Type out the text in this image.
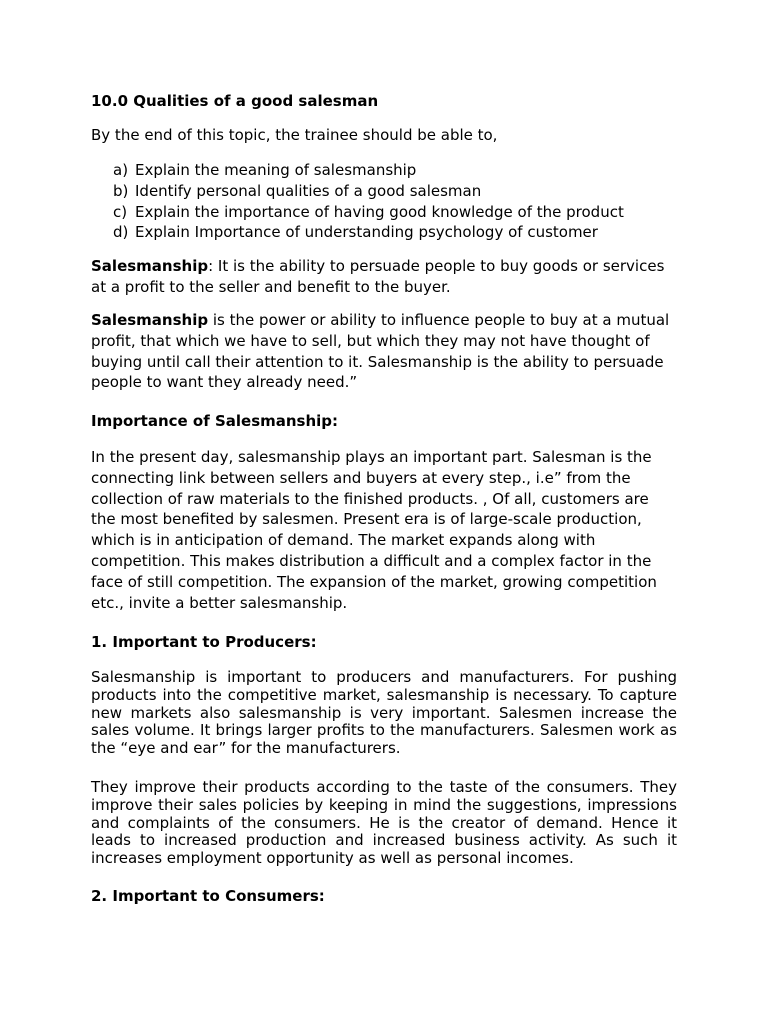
10.0 Qualities of a good salesman

By the end of this topic, the trainee should be able to,

a) Explain the meaning of salesmanship
b) Identify personal qualities of a good salesman
c) Explain the importance of having good knowledge of the product
d) Explain Importance of understanding psychology of customer

Salesmanship: It is the ability to persuade people to buy goods or services at a profit to the seller and benefit to the buyer.

Salesmanship is the power or ability to influence people to buy at a mutual profit, that which we have to sell, but which they may not have thought of buying until call their attention to it. Salesmanship is the ability to persuade people to want they already need.”

Importance of Salesmanship:

In the present day, salesmanship plays an important part. Salesman is the connecting link between sellers and buyers at every step., i.e” from the collection of raw materials to the finished products. , Of all, customers are the most benefited by salesmen. Present era is of large-scale production, which is in anticipation of demand. The market expands along with competition. This makes distribution a difficult and a complex factor in the face of still competition. The expansion of the market, growing competition etc., invite a better salesmanship.

1. Important to Producers:

Salesmanship is important to producers and manufacturers. For pushing products into the competitive market, salesmanship is necessary. To capture new markets also salesmanship is very important. Salesmen increase the sales volume. It brings larger profits to the manufacturers. Salesmen work as the “eye and ear” for the manufacturers.

They improve their products according to the taste of the consumers. They improve their sales policies by keeping in mind the suggestions, impressions and complaints of the consumers. He is the creator of demand. Hence it leads to increased production and increased business activity. As such it increases employment opportunity as well as personal incomes.

2. Important to Consumers:
